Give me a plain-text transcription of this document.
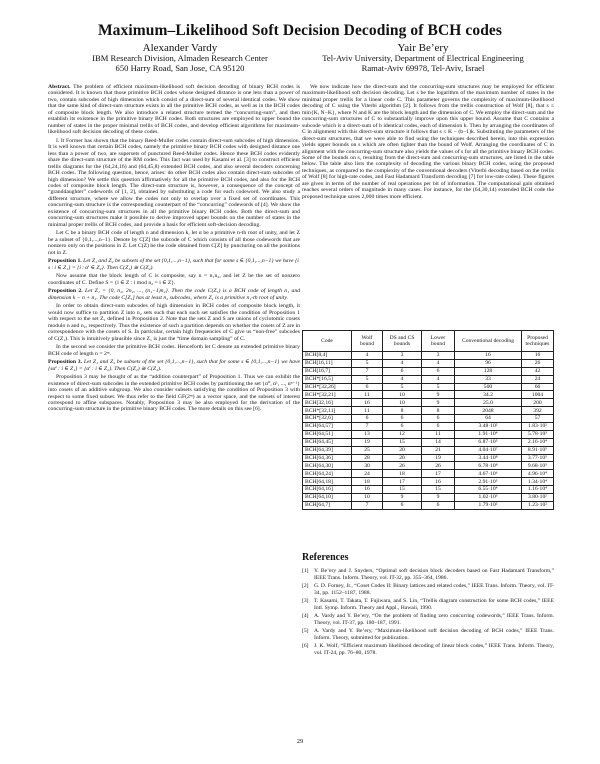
Maximum–Likelihood Soft Decision Decoding of BCH codes
Alexander Vardy
IBM Research Division, Almaden Research Center
650 Harry Road, San Jose, CA 95120
Yair Be’ery
Tel-Aviv University, Department of Electrical Engineering
Ramat-Aviv 69978, Tel-Aviv, Israel

Abstract. The problem of efficient maximum-likelihood soft decision decoding of binary BCH codes is considered. It is known that those primitive BCH codes whose designed distance is one less than a power of two, contain subcodes of high dimension which consist of a direct-sum of several identical codes. We show that the same kind of direct-sum structure exists in all the primitive BCH codes, as well as in the BCH codes of composite block length. We also introduce a related structure termed the “concurring-sum”, and then establish its existence in the primitive binary BCH codes. Both structures are employed to upper bound the number of states in the proper minimal trellis of BCH codes, and develop efficient algorithms for maximum-likelihood soft decision decoding of these codes.

I. It Former has shown that the binary Reed-Muller codes contain direct-sum subcodes of high dimension. It is well known that certain BCH codes, namely the primitive binary BCH codes with designed distance one less than a power of two, are supersets of punctured Reed-Muller codes. Hence these BCH codes evidently share the direct-sum structure of the RM codes. This fact was used by Kasami et al. [3] to construct efficient trellis diagrams for the (64,24,16) and (64,45,8) extended BCH codes, and also several decoders concerning BCH codes. The following question, hence, arises: do other BCH codes also contain direct-sum subcodes of high dimension? We settle this question affirmatively for all the primitive BCH codes, and also for the BCH codes of composite block length. The direct-sum structure is, however, a consequence of the concept of “granddaughter” codewords of [1, 2], obtained by substituting a code for each codeword. We also study a different structure, where we allow the codes not only to overlap over a fixed set of coordinates. This concurring-sum structure is the corresponding counterpart of the “concurring” codewords of [4]. We show the existence of concurring-sum structures in all the primitive binary BCH codes. Both the direct-sum and concurring-sum structures make it possible to derive improved upper bounds on the number of states in the minimal proper trellis of BCH codes, and provide a basis for efficient soft-decision decoding.

Let C be a binary BCH code of length n and dimension k, let α be a primitive n-th root of unity, and let Z be a subset of {0,1,...,n−1}. Denote by C[Z] the subcode of C which consists of all those codewords that are nonzero only on the positions in Z. Let C(Z) be the code obtained from C[Z] by puncturing on all the positions not in Z.

Proposition 1. Let Z₁ and Z₂ be subsets of the set {0,1,...,n−1}, such that for some s ∈ {0,1,...,n−1} we have {i s : i ∈ Z₁} = {i : αⁱ ∈ Z₂}. Then C(Z₁) ≅ C(Z₂).

Now assume that the block length of C is composite, say n = n₁n₂, and let Z be the set of nonzero coordinates of C. Define S = {i ∈ Z : i mod n₂ = i ∈ Z}.

Proposition 2. Let Z₁ = {0, n₂, 2n₂, ..., (n₁−1)n₂}. Then the code C(Z₁) is a BCH code of length n₁ and dimension k − n + n₁. The code C[Z₁] has at least n₂ subcodes, where Z₁ is a primitive n₁-th root of unity.

In order to obtain direct-sum subcodes of high dimension in BCH codes of composite block length, it would now suffice to partition Z into n₂ sets such that each such set satisfies the condition of Proposition 1 with respect to the set Z₁ defined in Proposition 2. Note that the sets Z and S are unions of cyclotomic cosets modulo n and n₂, respectively. Thus the existence of such a partition depends on whether the cosets of Z are in correspondence with the cosets of S. In particular, certain high frequencies of C give us “non-free” subcodes of C(Z₁). This is intuitively plausible since Z₁ is just the “time domain sampling” of C.

In the second we consider the primitive BCH codes. Henceforth let C denote an extended primitive binary BCH code of length n = 2ᵐ.

Proposition 3. Let Z₁ and Z₂ be subsets of the set {0,1,...,n−1}, such that for some s ∈ {0,1,...,n−1} we have {sαⁱ : i ∈ Z₁} = {αⁱ : i ∈ Z₂}. Then C(Z₁) ≅ C(Z₂).

Proposition 3 may be thought of as the “addition counterpart” of Proposition 1. Thus we can exhibit the existence of direct-sum subcodes in the extended primitive BCH codes by partitioning the set {α⁰, α¹, ..., αⁿ⁻¹} into cosets of an additive subgroup. We also consider subsets satisfying the condition of Proposition 3 with respect to some fixed subset. We thus refer to the field GF(2ᵐ) as a vector space, and the subsets of interest correspond to affine subspaces. Notably, Proposition 3 may be also employed for the derivation of the concurring-sum structure in the primitive binary BCH codes. The more details on this see [6].

We now indicate how the direct-sum and the concurring-sum structures may be employed for efficient maximum-likelihood soft decision decoding. Let s be the logarithm of the maximum number of states in the minimal proper trellis for a linear code C. This parameter governs the complexity of maximum-likelihood decoding of C using the Viterbi algorithm [2]. It follows from the trellis construction of Wolf [8], that s ≤ min{K, N−K}, where N and K are the block length and the dimension of C. We employ the direct-sum and the concurring-sum structures of C to substantially improve upon this upper bound. Assume that C contains a subcode which is a direct-sum of b identical codes, each of dimension k. Then by arranging the coordinates of C in alignment with this direct-sum structure it follows that s ≤ K − (b−1)k. Substituting the parameters of the direct-sum structures, that we were able to find using the techniques described herein, into this expression yields upper bounds on s which are often tighter than the bound of Wolf. Arranging the coordinates of C in alignment with the concurring-sum structure also yields the values of s for all the primitive binary BCH codes. Some of the bounds on s, resulting from the direct-sum and concurring-sum structures, are listed in the table below. The table also lists the complexity of decoding the various binary BCH codes, using the proposed techniques, as compared to the complexity of the conventional decoders (Viterbi decoding based on the trellis of Wolf [8] for high-rate codes, and Fast Hadamard Transform decoding [7] for low-rate codes). These figures are given in terms of the number of real operations per bit of information. The computational gain obtained reaches several orders of magnitude in many cases. For instance, for the (64,30,14) extended BCH code the proposed technique saves 2,000 times more efficient.

Code	Wolf bound	DS and CS bounds	Lower bound	Conventional decoding	Proposed techniques
BCH[8,4]	4	3	3	16	16
BCH[16,11]	5	4	4	96	26
BCH[16,7]	7	6	6	128	42
BCH*[16,5]	5	4	4	33	24
BCH*[32,26]	6	5	5	500	66
BCH*[32,21]	11	10	9	34.2	1004
BCH[32,16]	16	10	9	25.0	200
BCH*[32,11]	11	8	8	2048	392
BCH*[32,6]	6	6	6	64	57
BCH[64,57]	7	6	6	3.48·10²	1.83·10²
BCH[64,51]	13	12	11	1.91·10⁴	5.78·10³
BCH[64,45]	19	15	14	6.87·10⁵	2.16·10⁴
BCH[64,39]	25	20	21	4.04·10⁷	8.91·10⁵
BCH[64,36]	28	20	19	3.44·10⁸	3.77·10⁵
BCH[64,30]	30	26	26	6.78·10⁸	9.68·10⁵
BCH[64,24]	24	18	17	4.67·10⁶	4.96·10⁴
BCH[64,18]	18	17	16	2.91·10⁵	1.34·10⁴
BCH[64,16]	16	15	15	6.55·10⁴	1.16·10⁴
BCH[64,10]	10	9	9	1.02·10³	3.80·10²
BCH[64,7]	7	6	6	1.79·10²	1.23·10²
References
[1] Y. Be’ery and J. Snyders, “Optimal soft decision block decoders based on Fast Hadamard Transform,” IEEE Trans. Inform. Theory, vol. IT-32, pp. 355–364, 1986.
[2] G. D. Forney, Jr., “Coset Codes II: Binary lattices and related codes,” IEEE Trans. Inform. Theory, vol. IT-34, pp. 1152–1187, 1988.
[3] T. Kasami, T. Takata, T. Fujiwara, and S. Lin, “Trellis diagram construction for some BCH codes,” IEEE Intl. Symp. Inform. Theory and Appl., Hawaii, 1990.
[4] A. Vardy and Y. Be’ery, “On the problem of finding zero concurring codewords,” IEEE Trans. Inform. Theory, vol. IT-37, pp. 180–187, 1991.
[5] A. Vardy and Y. Be’ery, “Maximum-likelihood soft decision decoding of BCH codes,” IEEE Trans. Inform. Theory, submitted for publication.
[6] J. K. Wolf, “Efficient maximum likelihood decoding of linear block codes,” IEEE Trans. Inform. Theory, vol. IT-24, pp. 76–80, 1978.
29
